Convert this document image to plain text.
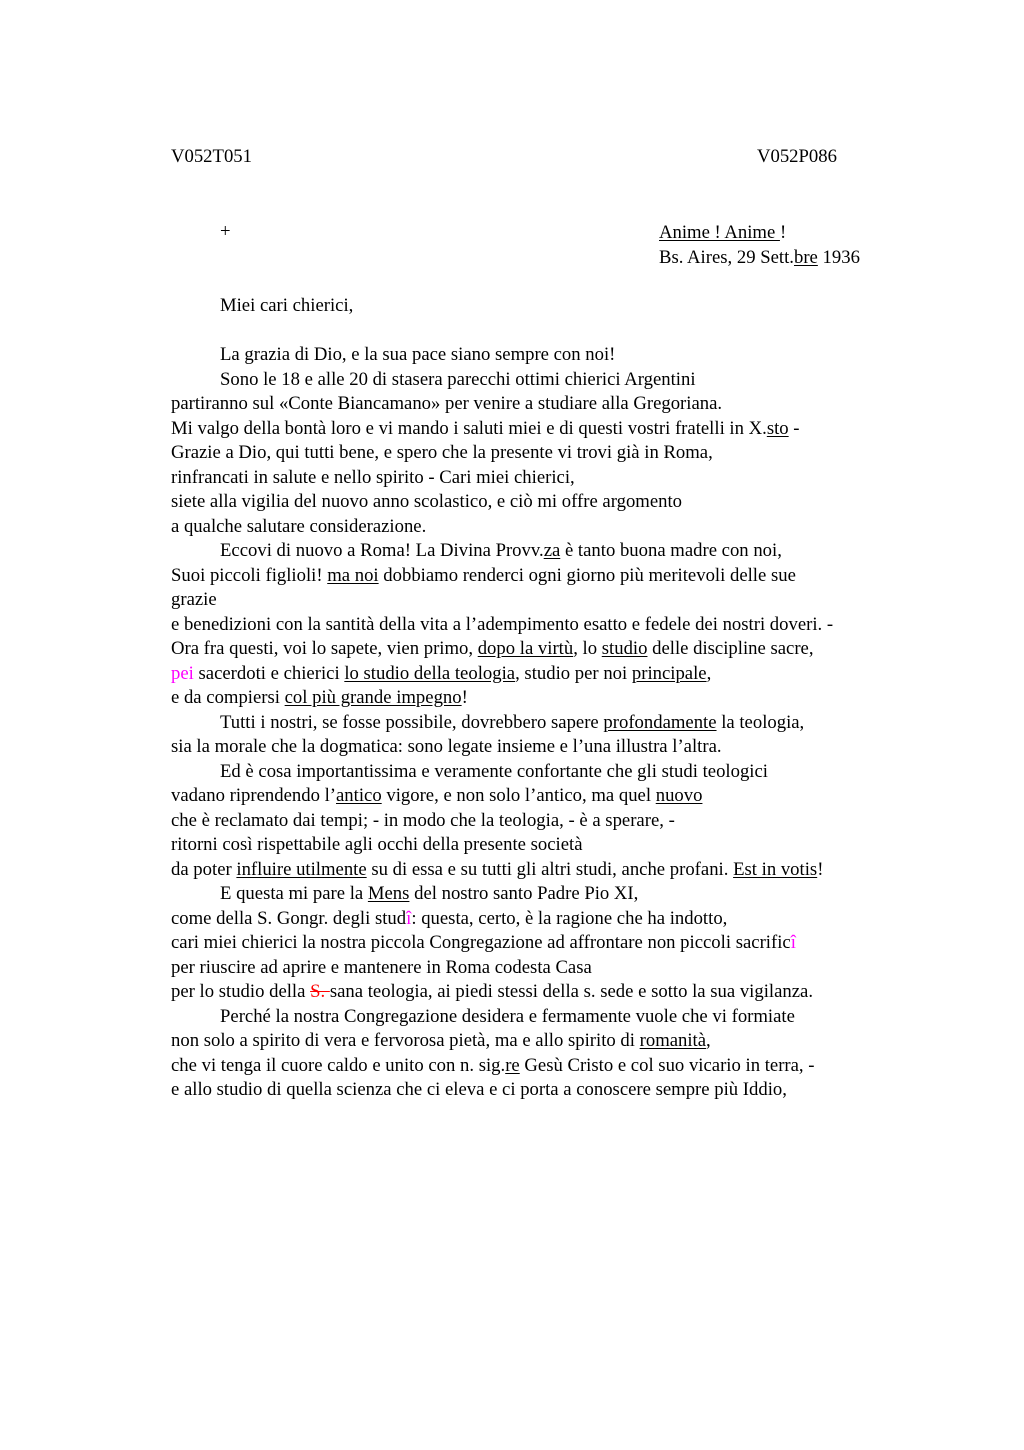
V052T051	V052P086
+	Anime ! Anime !
Bs. Aires, 29 Sett.bre 1936
Miei cari chierici,
La grazia di Dio, e la sua pace siano sempre con noi!
Sono le 18 e alle 20 di stasera parecchi ottimi chierici Argentini
partiranno sul «Conte Biancamano» per venire a studiare alla Gregoriana.
Mi valgo della bontà loro e vi mando i saluti miei e di questi vostri fratelli in X.sto -
Grazie a Dio, qui tutti bene, e spero che la presente vi trovi già in Roma,
rinfrancati in salute e nello spirito - Cari miei chierici,
siete alla vigilia del nuovo anno scolastico, e ciò mi offre argomento
a qualche salutare considerazione.
Eccovi di nuovo a Roma! La Divina Provv.za è tanto buona madre con noi,
Suoi piccoli figlioli! ma noi dobbiamo renderci ogni giorno più meritevoli delle sue
grazie
e benedizioni con la santità della vita a l’adempimento esatto e fedele dei nostri doveri. -
Ora fra questi, voi lo sapete, vien primo, dopo la virtù, lo studio delle discipline sacre,
pei sacerdoti e chierici lo studio della teologia, studio per noi principale,
e da compiersi col più grande impegno!
Tutti i nostri, se fosse possibile, dovrebbero sapere profondamente la teologia,
sia la morale che la dogmatica: sono legate insieme e l’una illustra l’altra.
Ed è cosa importantissima e veramente confortante che gli studi teologici
vadano riprendendo l’antico vigore, e non solo l’antico, ma quel nuovo
che è reclamato dai tempi; - in modo che la teologia, - è a sperare, -
ritorni così rispettabile agli occhi della presente società
da poter influire utilmente su di essa e su tutti gli altri studi, anche profani. Est in votis!
E questa mi pare la Mens del nostro santo Padre Pio XI,
come della S. Gongr. degli studî: questa, certo, è la ragione che ha indotto,
cari miei chierici la nostra piccola Congregazione ad affrontare non piccoli sacrificî
per riuscire ad aprire e mantenere in Roma codesta Casa
per lo studio della S. sana teologia, ai piedi stessi della s. sede e sotto la sua vigilanza.
Perché la nostra Congregazione desidera e fermamente vuole che vi formiate
non solo a spirito di vera e fervorosa pietà, ma e allo spirito di romanità,
che vi tenga il cuore caldo e unito con n. sig.re Gesù Cristo e col suo vicario in terra, -
e allo studio di quella scienza che ci eleva e ci porta a conoscere sempre più Iddio,
